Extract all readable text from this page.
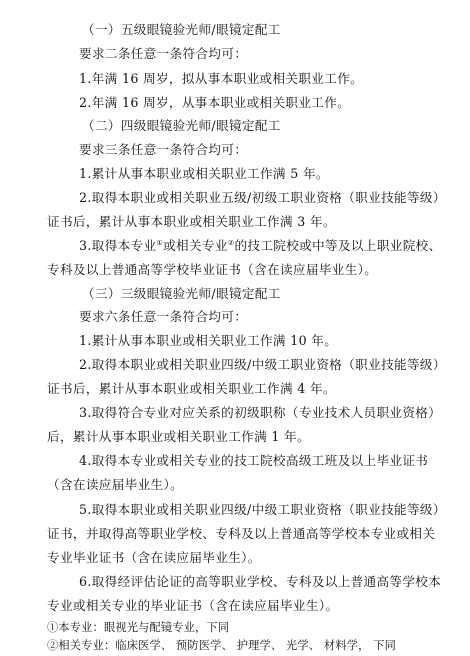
（一）五级眼镜验光师/眼镜定配工
要求二条任意一条符合均可：
1.年满 16 周岁，拟从事本职业或相关职业工作。
2.年满 16 周岁，从事本职业或相关职业工作。
（二）四级眼镜验光师/眼镜定配工
要求三条任意一条符合均可：
1.累计从事本职业或相关职业工作满 5 年。
2.取得本职业或相关职业五级/初级工职业资格（职业技能等级）
证书后，累计从事本职业或相关职业工作满 3 年。
3.取得本专业①或相关专业②的技工院校或中等及以上职业院校、
专科及以上普通高等学校毕业证书（含在读应届毕业生）。
（三）三级眼镜验光师/眼镜定配工
要求六条任意一条符合均可：
1.累计从事本职业或相关职业工作满 10 年。
2.取得本职业或相关职业四级/中级工职业资格（职业技能等级）
证书后，累计从事本职业或相关职业工作满 4 年。
3.取得符合专业对应关系的初级职称（专业技术人员职业资格）
后，累计从事本职业或相关职业工作满 1 年。
4.取得本专业或相关专业的技工院校高级工班及以上毕业证书
（含在读应届毕业生）。
5.取得本职业或相关职业四级/中级工职业资格（职业技能等级）
证书，并取得高等职业学校、专科及以上普通高等学校本专业或相关
专业毕业证书（含在读应届毕业生）。
6.取得经评估论证的高等职业学校、专科及以上普通高等学校本
专业或相关专业的毕业证书（含在读应届毕业生）。
①本专业：眼视光与配镜专业，下同
②相关专业：临床医学、 预防医学、 护理学、 光学、 材料学， 下同
